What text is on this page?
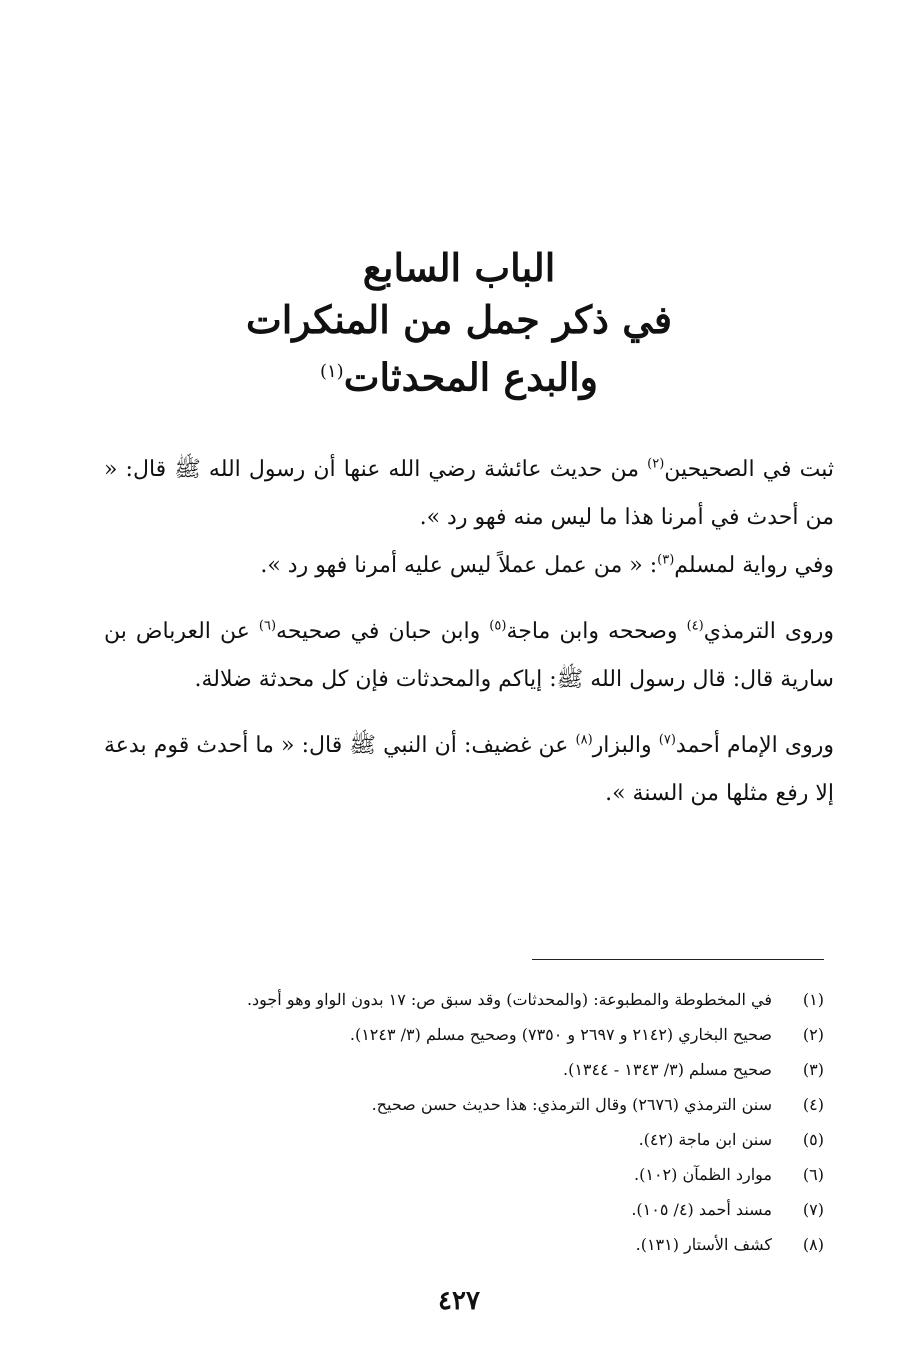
الباب السابع
في ذكر جمل من المنكرات
والبدع المحدثات$^{(١)}$

ثبت في الصحيحين$^{(٢)}$ من حديث عائشة رضي الله عنها أن رسول الله ﷺ قال: « من أحدث في أمرنا هذا ما ليس منه فهو رد ».

وفي رواية لمسلم$^{(٣)}$: « من عمل عملاً ليس عليه أمرنا فهو رد ».

وروى الترمذي$^{(٤)}$ وصححه وابن ماجة$^{(٥)}$ وابن حبان في صحيحه$^{(٦)}$ عن العرباض بن سارية قال: قال رسول الله ﷺ: إياكم والمحدثات فإن كل محدثة ضلالة.

وروى الإمام أحمد$^{(٧)}$ والبزار$^{(٨)}$ عن غضيف: أن النبي ﷺ قال: « ما أحدث قوم بدعة إلا رفع مثلها من السنة ».

(١)في المخطوطة والمطبوعة: (والمحدثات) وقد سبق ص: ١٧ بدون الواو وهو أجود.
(٢)صحيح البخاري (٢١٤٢ و ٢٦٩٧ و ٧٣٥٠) وصحيح مسلم (٣/ ١٢٤٣).
(٣)صحيح مسلم (٣/ ١٣٤٣ - ١٣٤٤).
(٤)سنن الترمذي (٢٦٧٦) وقال الترمذي: هذا حديث حسن صحيح.
(٥)سنن ابن ماجة (٤٢).
(٦)موارد الظمآن (١٠٢).
(٧)مسند أحمد (٤/ ١٠٥).
(٨)كشف الأستار (١٣١).
٤٢٧
